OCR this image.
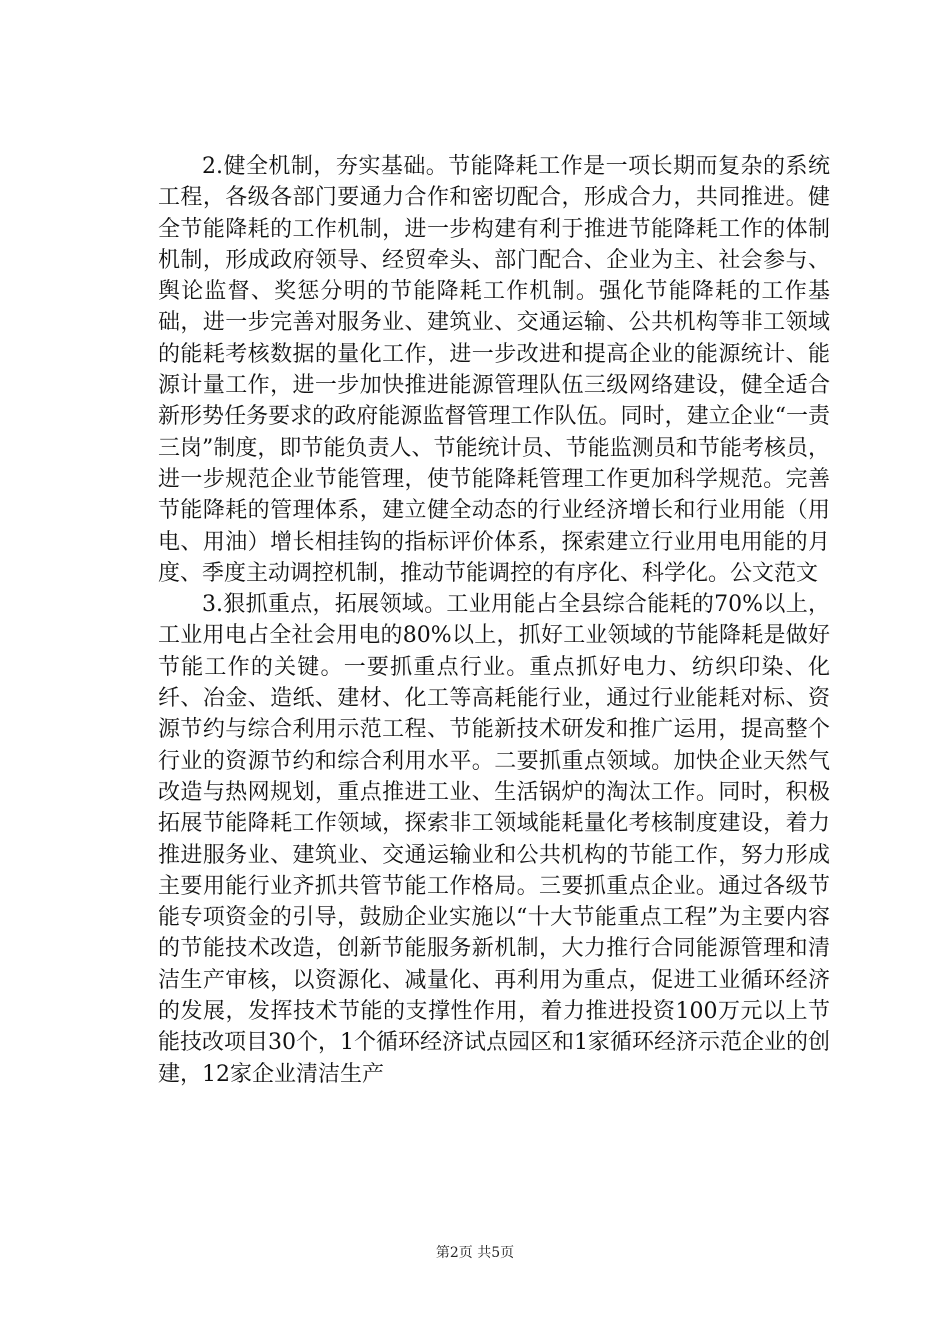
2.健全机制，夯实基础。节能降耗工作是一项长期而复杂的系统工程，各级各部门要通力合作和密切配合，形成合力，共同推进。健全节能降耗的工作机制，进一步构建有利于推进节能降耗工作的体制机制，形成政府领导、经贸牵头、部门配合、企业为主、社会参与、舆论监督、奖惩分明的节能降耗工作机制。强化节能降耗的工作基础，进一步完善对服务业、建筑业、交通运输、公共机构等非工领域的能耗考核数据的量化工作，进一步改进和提高企业的能源统计、能源计量工作，进一步加快推进能源管理队伍三级网络建设，健全适合新形势任务要求的政府能源监督管理工作队伍。同时，建立企业“一责三岗”制度，即节能负责人、节能统计员、节能监测员和节能考核员，进一步规范企业节能管理，使节能降耗管理工作更加科学规范。完善节能降耗的管理体系，建立健全动态的行业经济增长和行业用能（用电、用油）增长相挂钩的指标评价体系，探索建立行业用电用能的月度、季度主动调控机制，推动节能调控的有序化、科学化。公文范文

3.狠抓重点，拓展领域。工业用能占全县综合能耗的70%以上，工业用电占全社会用电的80%以上，抓好工业领域的节能降耗是做好节能工作的关键。一要抓重点行业。重点抓好电力、纺织印染、化纤、冶金、造纸、建材、化工等高耗能行业，通过行业能耗对标、资源节约与综合利用示范工程、节能新技术研发和推广运用，提高整个行业的资源节约和综合利用水平。二要抓重点领域。加快企业天然气改造与热网规划，重点推进工业、生活锅炉的淘汰工作。同时，积极拓展节能降耗工作领域，探索非工领域能耗量化考核制度建设，着力推进服务业、建筑业、交通运输业和公共机构的节能工作，努力形成主要用能行业齐抓共管节能工作格局。三要抓重点企业。通过各级节能专项资金的引导，鼓励企业实施以“十大节能重点工程”为主要内容的节能技术改造，创新节能服务新机制，大力推行合同能源管理和清洁生产审核，以资源化、减量化、再利用为重点，促进工业循环经济的发展，发挥技术节能的支撑性作用，着力推进投资100万元以上节能技改项目30个，1个循环经济试点园区和1家循环经济示范企业的创建，12家企业清洁生产

第2页 共5页
